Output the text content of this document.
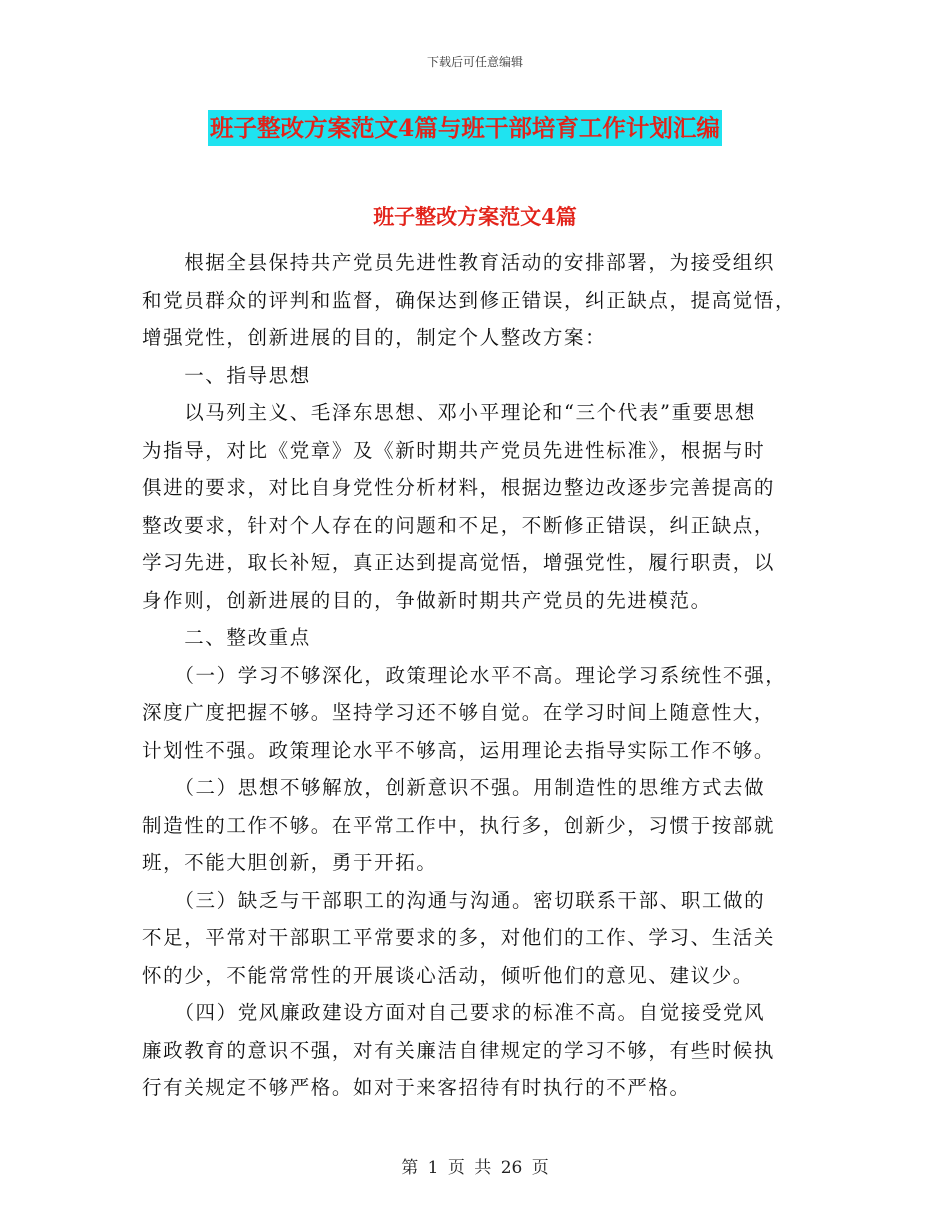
下载后可任意编辑
班子整改方案范文4篇与班干部培育工作计划汇编
班子整改方案范文4篇

　　根据全县保持共产党员先进性教育活动的安排部署，为接受组织

和党员群众的评判和监督，确保达到修正错误，纠正缺点，提高觉悟，

增强党性，创新进展的目的，制定个人整改方案：

　　一、指导思想

　　以马列主义、毛泽东思想、邓小平理论和“三个代表”重要思想

为指导，对比《党章》及《新时期共产党员先进性标准》，根据与时

俱进的要求，对比自身党性分析材料，根据边整边改逐步完善提高的

整改要求，针对个人存在的问题和不足，不断修正错误，纠正缺点，

学习先进，取长补短，真正达到提高觉悟，增强党性，履行职责，以

身作则，创新进展的目的，争做新时期共产党员的先进模范。

　　二、整改重点

　　（一）学习不够深化，政策理论水平不高。理论学习系统性不强，

深度广度把握不够。坚持学习还不够自觉。在学习时间上随意性大，

计划性不强。政策理论水平不够高，运用理论去指导实际工作不够。

　　（二）思想不够解放，创新意识不强。用制造性的思维方式去做

制造性的工作不够。在平常工作中，执行多，创新少，习惯于按部就

班，不能大胆创新，勇于开拓。

　　（三）缺乏与干部职工的沟通与沟通。密切联系干部、职工做的

不足，平常对干部职工平常要求的多，对他们的工作、学习、生活关

怀的少，不能常常性的开展谈心活动，倾听他们的意见、建议少。

　　（四）党风廉政建设方面对自己要求的标准不高。自觉接受党风

廉政教育的意识不强，对有关廉洁自律规定的学习不够，有些时候执

行有关规定不够严格。如对于来客招待有时执行的不严格。

第 1 页 共 26 页
